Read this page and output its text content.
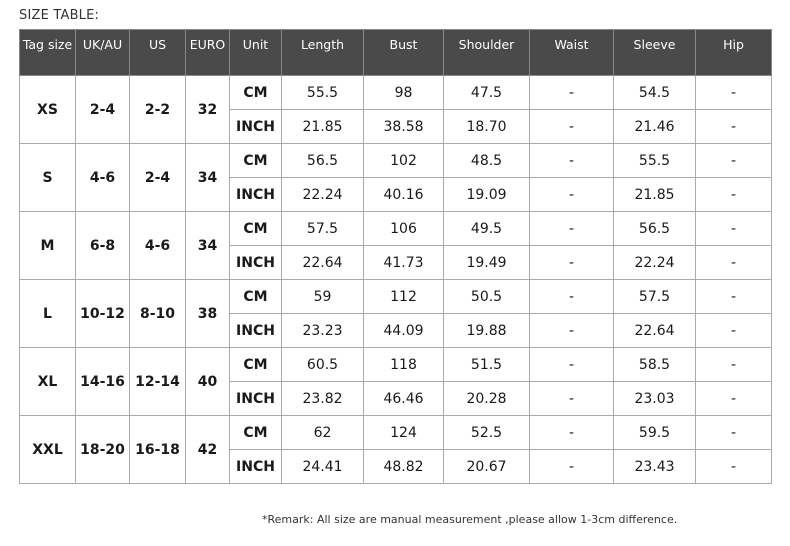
SIZE TABLE:
Tag size	UK/AU	US	EURO	Unit	Length	Bust	Shoulder	Waist	Sleeve	Hip
XS	2-4	2-2	32	CM	55.5	98	47.5	-	54.5	-
				INCH	21.85	38.58	18.70	-	21.46	-
S	4-6	2-4	34	CM	56.5	102	48.5	-	55.5	-
				INCH	22.24	40.16	19.09	-	21.85	-
M	6-8	4-6	34	CM	57.5	106	49.5	-	56.5	-
				INCH	22.64	41.73	19.49	-	22.24	-
L	10-12	8-10	38	CM	59	112	50.5	-	57.5	-
				INCH	23.23	44.09	19.88	-	22.64	-
XL	14-16	12-14	40	CM	60.5	118	51.5	-	58.5	-
				INCH	23.82	46.46	20.28	-	23.03	-
XXL	18-20	16-18	42	CM	62	124	52.5	-	59.5	-
				INCH	24.41	48.82	20.67	-	23.43	-
*Remark: All size are manual measurement ,please allow 1-3cm difference.
